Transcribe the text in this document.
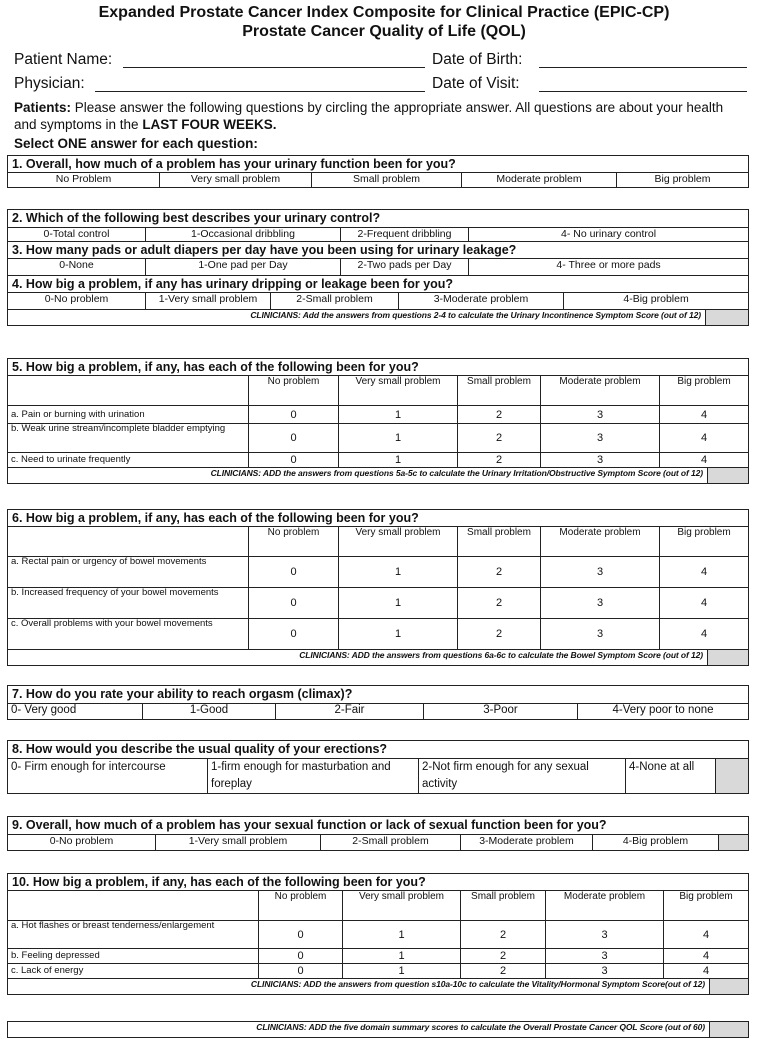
Expanded Prostate Cancer Index Composite for Clinical Practice (EPIC-CP)
Prostate Cancer Quality of Life (QOL)
Patient Name:	Date of Birth:
Physician:	Date of Visit:
Patients: Please answer the following questions by circling the appropriate answer. All questions are about your health and symptoms in the LAST FOUR WEEKS.
Select ONE answer for each question:
1. Overall, how much of a problem has your urinary function been for you?
No Problem	Very small problem	Small problem	Moderate problem	Big problem
2. Which of the following best describes your urinary control?							
0-Total control	1-Occasional dribbling		2-Frequent dribbling		4- No urinary control		
3. How many pads or adult diapers per day have you been using for urinary leakage?							
0-None	1-One pad per Day		2-Two pads per Day		4- Three or more pads		
4. How big a problem, if any has urinary dripping or leakage been for you?							
0-No problem	1-Very small problem	2-Small problem		3-Moderate problem		4-Big problem	
CLINICIANS: Add the answers from questions 2-4 to calculate the Urinary Incontinence Symptom Score (out of 12)							
5. How big a problem, if any, has each of the following been for you?						
	No problem	Very small problem	Small problem	Moderate problem	Big problem	
a. Pain or burning with urination	0	1	2	3	4	
b. Weak urine stream/incomplete bladder emptying	0	1	2	3	4	
c. Need to urinate frequently	0	1	2	3	4	
CLINICIANS: ADD the answers from questions 5a-5c to calculate the Urinary Irritation/Obstructive Symptom Score (out of 12)						
6. How big a problem, if any, has each of the following been for you?						
	No problem	Very small problem	Small problem	Moderate problem	Big problem	
a. Rectal pain or urgency of bowel movements	0	1	2	3	4	
b. Increased frequency of your bowel movements	0	1	2	3	4	
c. Overall problems with your bowel movements	0	1	2	3	4	
CLINICIANS: ADD the answers from questions 6a-6c to calculate the Bowel Symptom Score (out of 12)						
7. How do you rate your ability to reach orgasm (climax)?
0- Very good	1-Good	2-Fair	3-Poor	4-Very poor to none
8. How would you describe the usual quality of your erections?
0- Firm enough for intercourse	1-firm enough for masturbation and foreplay	2-Not firm enough for any sexual activity	4-None at all	
9. Overall, how much of a problem has your sexual function or lack of sexual function been for you?
0-No problem	1-Very small problem	2-Small problem	3-Moderate problem	4-Big problem	
10. How big a problem, if any, has each of the following been for you?						
	No problem	Very small problem	Small problem	Moderate problem	Big problem	
a. Hot flashes or breast tenderness/enlargement	0	1	2	3	4	
b. Feeling depressed	0	1	2	3	4	
c. Lack of energy	0	1	2	3	4	
CLINICIANS: ADD the answers from question s10a-10c to calculate the Vitality/Hormonal Symptom Score(out of 12)						
CLINICIANS: ADD the five domain summary scores to calculate the Overall Prostate Cancer QOL Score (out of 60)	
